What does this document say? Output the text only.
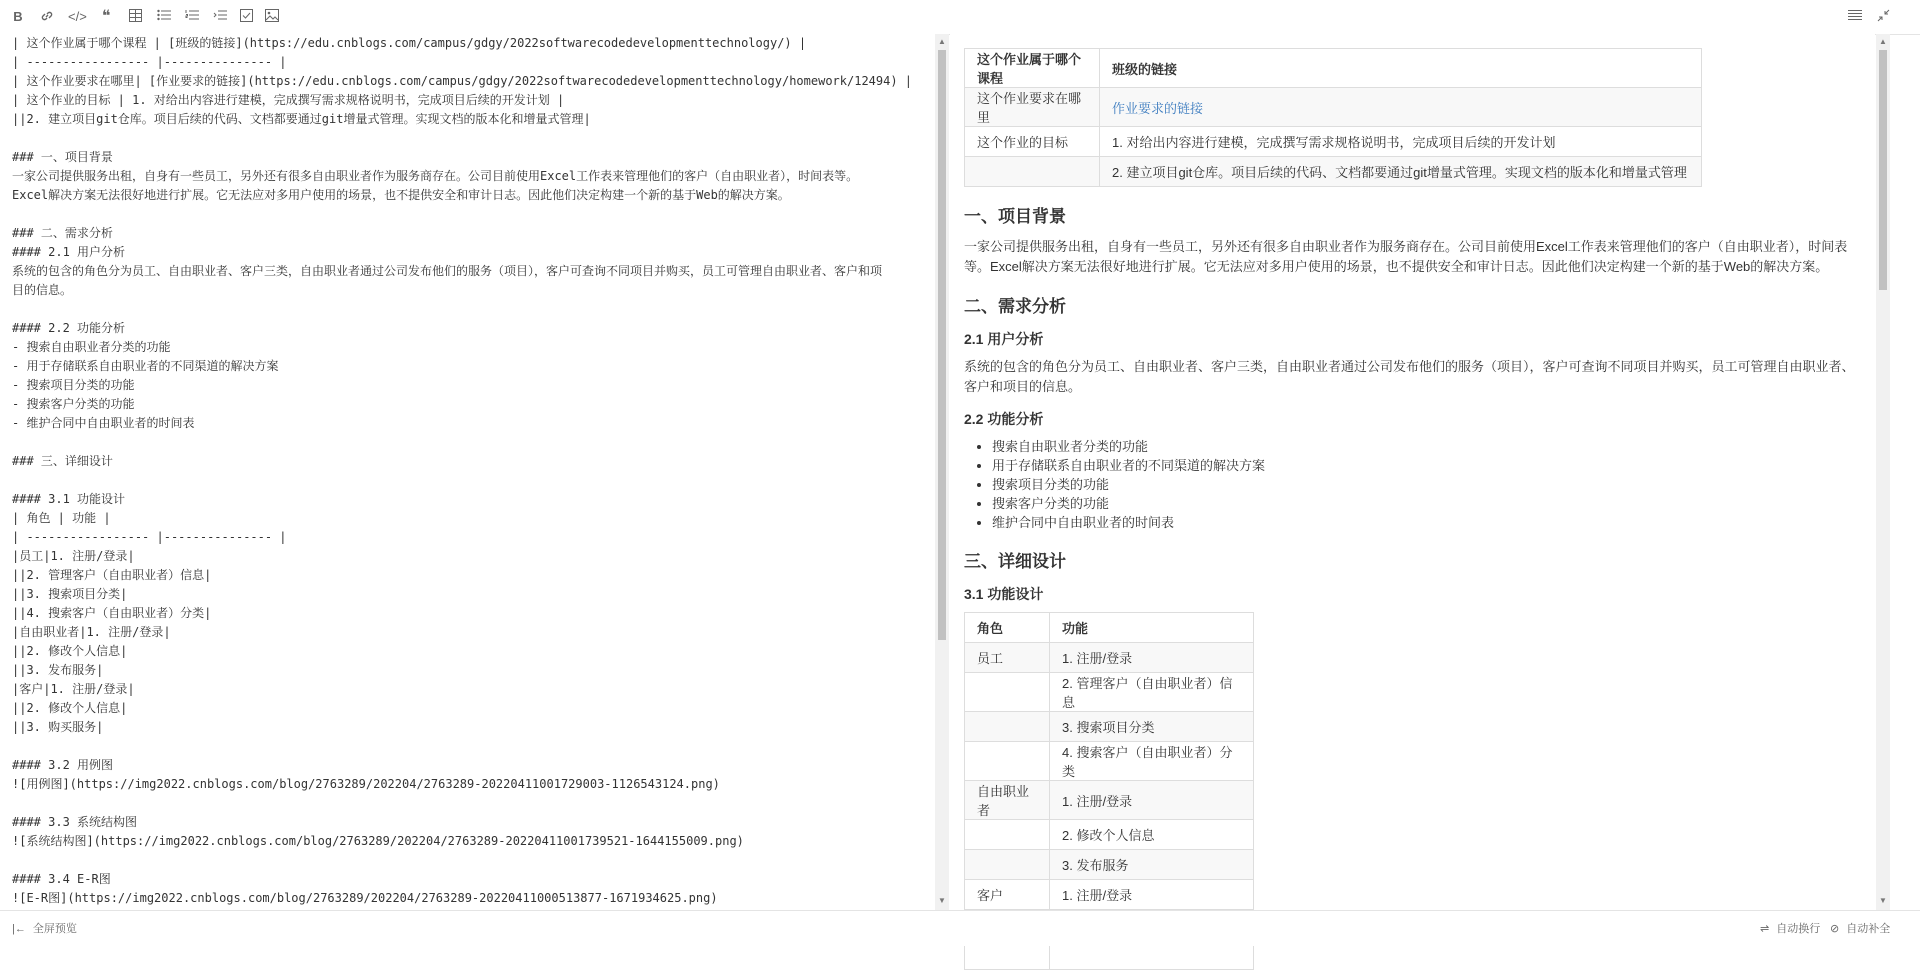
B	</> ❝
| 这个作业属于哪个课程 | [班级的链接](https://edu.cnblogs.com/campus/gdgy/2022softwarecodedevelopmenttechnology/) |
| ----------------- |--------------- |
| 这个作业要求在哪里| [作业要求的链接](https://edu.cnblogs.com/campus/gdgy/2022softwarecodedevelopmenttechnology/homework/12494) |
| 这个作业的目标 | 1. 对给出内容进行建模，完成撰写需求规格说明书，完成项目后续的开发计划 |
||2. 建立项目git仓库。项目后续的代码、文档都要通过git增量式管理。实现文档的版本化和增量式管理|
### 一、项目背景
一家公司提供服务出租，自身有一些员工，另外还有很多自由职业者作为服务商存在。公司目前使用Excel工作表来管理他们的客户（自由职业者），时间表等。
Excel解决方案无法很好地进行扩展。它无法应对多用户使用的场景，也不提供安全和审计日志。因此他们决定构建一个新的基于Web的解决方案。
### 二、需求分析
#### 2.1 用户分析
系统的包含的角色分为员工、自由职业者、客户三类，自由职业者通过公司发布他们的服务（项目），客户可查询不同项目并购买，员工可管理自由职业者、客户和项
目的信息。
#### 2.2 功能分析
- 搜索自由职业者分类的功能
- 用于存储联系自由职业者的不同渠道的解决方案
- 搜索项目分类的功能
- 搜索客户分类的功能
- 维护合同中自由职业者的时间表
### 三、详细设计
#### 3.1 功能设计
| 角色 | 功能 |
| ----------------- |--------------- |
|员工|1. 注册/登录|
||2. 管理客户（自由职业者）信息|
||3. 搜索项目分类|
||4. 搜索客户（自由职业者）分类|
|自由职业者|1. 注册/登录|
||2. 修改个人信息|
||3. 发布服务|
|客户|1. 注册/登录|
||2. 修改个人信息|
||3. 购买服务|
#### 3.2 用例图
![用例图](https://img2022.cnblogs.com/blog/2763289/202204/2763289-20220411001729003-1126543124.png)
#### 3.3 系统结构图
![系统结构图](https://img2022.cnblogs.com/blog/2763289/202204/2763289-20220411001739521-1644155009.png)
#### 3.4 E-R图
![E-R图](https://img2022.cnblogs.com/blog/2763289/202204/2763289-20220411000513877-1671934625.png)
▲
▼
这个作业属于哪个课程	班级的链接
这个作业要求在哪里	作业要求的链接
这个作业的目标	1. 对给出内容进行建模，完成撰写需求规格说明书，完成项目后续的开发计划
	2. 建立项目git仓库。项目后续的代码、文档都要通过git增量式管理。实现文档的版本化和增量式管理
一、项目背景

一家公司提供服务出租，自身有一些员工，另外还有很多自由职业者作为服务商存在。公司目前使用Excel工作表来管理他们的客户（自由职业者），时间表等。Excel解决方案无法很好地进行扩展。它无法应对多用户使用的场景，也不提供安全和审计日志。因此他们决定构建一个新的基于Web的解决方案。

二、需求分析
2.1 用户分析

系统的包含的角色分为员工、自由职业者、客户三类，自由职业者通过公司发布他们的服务（项目），客户可查询不同项目并购买，员工可管理自由职业者、客户和项目的信息。

2.2 功能分析
• 搜索自由职业者分类的功能
• 用于存储联系自由职业者的不同渠道的解决方案
• 搜索项目分类的功能
• 搜索客户分类的功能
• 维护合同中自由职业者的时间表
三、详细设计
3.1 功能设计
角色	功能
员工	1. 注册/登录
	2. 管理客户（自由职业者）信息
	3. 搜索项目分类
	4. 搜索客户（自由职业者）分类
自由职业者	1. 注册/登录
	2. 修改个人信息
	3. 发布服务
客户	1. 注册/登录

▲
▼
|← 全屏预览	⇌ 自动换行 ⊘ 自动补全
